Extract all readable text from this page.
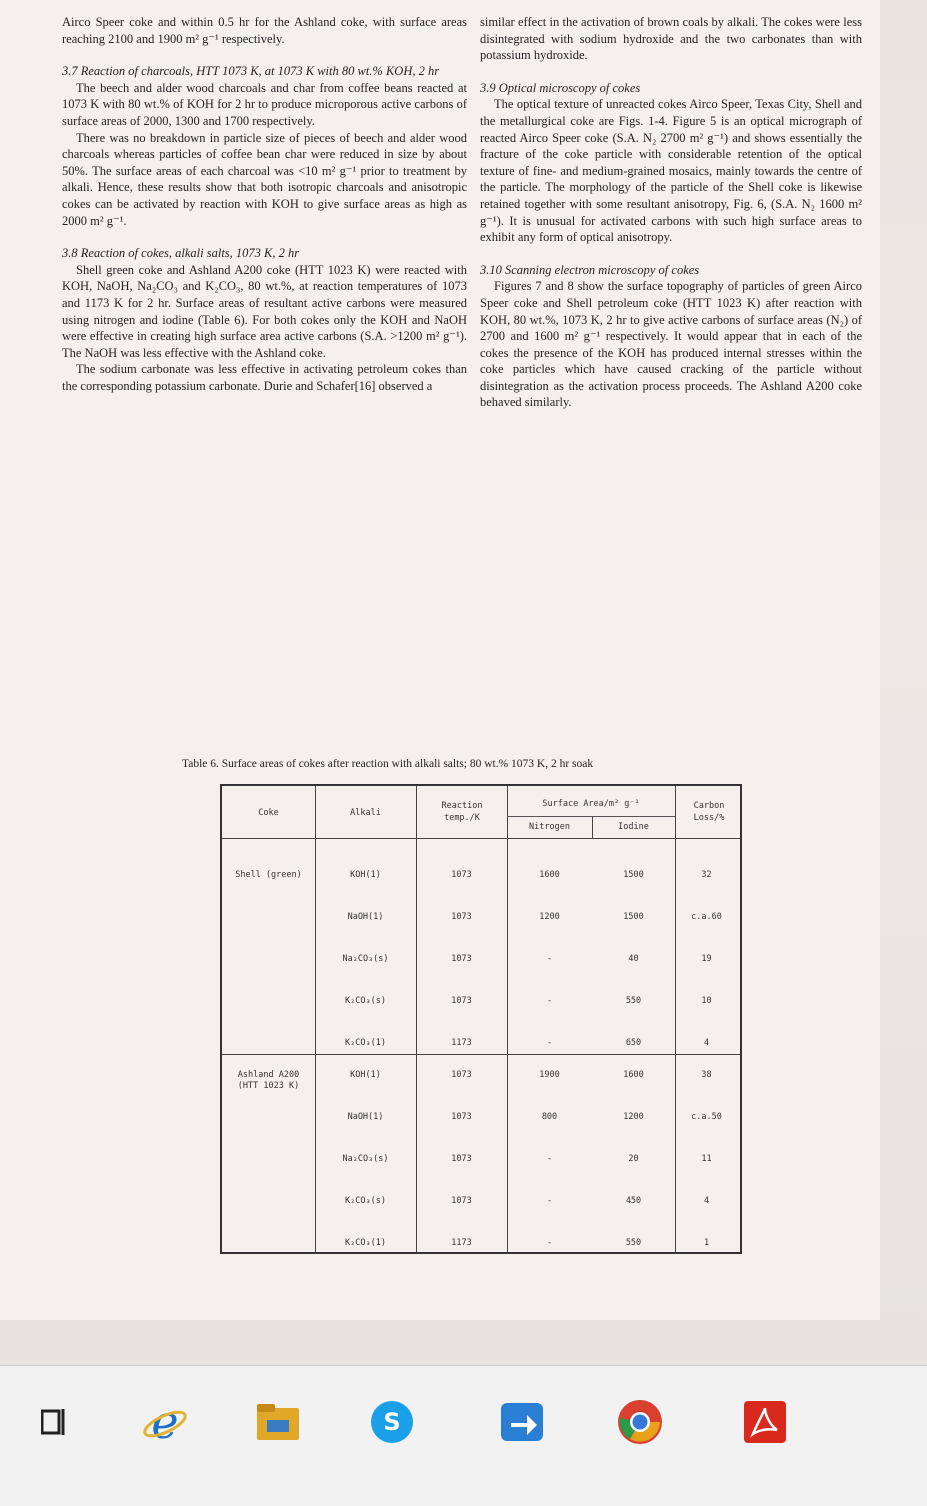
Airco Speer coke and within 0.5 hr for the Ashland coke, with surface areas reaching 2100 and 1900 m² g⁻¹ respectively.

3.7 Reaction of charcoals, HTT 1073 K, at 1073 K with 80 wt.% KOH, 2 hr

The beech and alder wood charcoals and char from coffee beans reacted at 1073 K with 80 wt.% of KOH for 2 hr to produce microporous active carbons of surface areas of 2000, 1300 and 1700 respectively.

There was no breakdown in particle size of pieces of beech and alder wood charcoals whereas particles of coffee bean char were reduced in size by about 50%. The surface areas of each charcoal was <10 m² g⁻¹ prior to treatment by alkali. Hence, these results show that both isotropic charcoals and anisotropic cokes can be activated by reaction with KOH to give surface areas as high as 2000 m² g⁻¹.

3.8 Reaction of cokes, alkali salts, 1073 K, 2 hr

Shell green coke and Ashland A200 coke (HTT 1023 K) were reacted with KOH, NaOH, Na₂CO₃ and K₂CO₃, 80 wt.%, at reaction temperatures of 1073 and 1173 K for 2 hr. Surface areas of resultant active carbons were measured using nitrogen and iodine (Table 6). For both cokes only the KOH and NaOH were effective in creating high surface area active carbons (S.A. >1200 m² g⁻¹). The NaOH was less effective with the Ashland coke.

The sodium carbonate was less effective in activating petroleum cokes than the corresponding potassium carbonate. Durie and Schafer[16] observed a

similar effect in the activation of brown coals by alkali. The cokes were less disintegrated with sodium hydroxide and the two carbonates than with potassium hydroxide.

3.9 Optical microscopy of cokes

The optical texture of unreacted cokes Airco Speer, Texas City, Shell and the metallurgical coke are Figs. 1-4. Figure 5 is an optical micrograph of reacted Airco Speer coke (S.A. N₂ 2700 m² g⁻¹) and shows essentially the fracture of the coke particle with considerable retention of the optical texture of fine- and medium-grained mosaics, mainly towards the centre of the particle. The morphology of the particle of the Shell coke is likewise retained together with some resultant anisotropy, Fig. 6, (S.A. N₂ 1600 m² g⁻¹). It is unusual for activated carbons with such high surface areas to exhibit any form of optical anisotropy.

3.10 Scanning electron microscopy of cokes

Figures 7 and 8 show the surface topography of particles of green Airco Speer coke and Shell petroleum coke (HTT 1023 K) after reaction with KOH, 80 wt.%, 1073 K, 2 hr to give active carbons of surface areas (N₂) of 2700 and 1600 m² g⁻¹ respectively. It would appear that in each of the cokes the presence of the KOH has produced internal stresses within the coke particles which have caused cracking of the particle without disintegration as the activation process proceeds. The Ashland A200 coke behaved similarly.

Table 6. Surface areas of cokes after reaction with alkali salts; 80 wt.% 1073 K, 2 hr soak
Coke	Alkali
Reaction temp./K
Surface Area/m² g⁻¹
Nitrogen	Iodine
Carbon Loss/%
Shell (green)	KOH(1)	1073	1600	1500	32
NaOH(1)	1073	1200	1500	c.a.60
Na₂CO₃(s)	1073	-	40	19
K₂CO₃(s)	1073	-	550	10
K₂CO₃(1)	1173	-	650	4
Ashland A200 (HTT 1023 K)
KOH(1)	1073	1900	1600	38
NaOH(1)	1073	800	1200	c.a.50
Na₂CO₃(s)	1073	-	20	11
K₂CO₃(s)	1073	-	450	4
K₂CO₃(1)	1173	-	550	1
e	S
